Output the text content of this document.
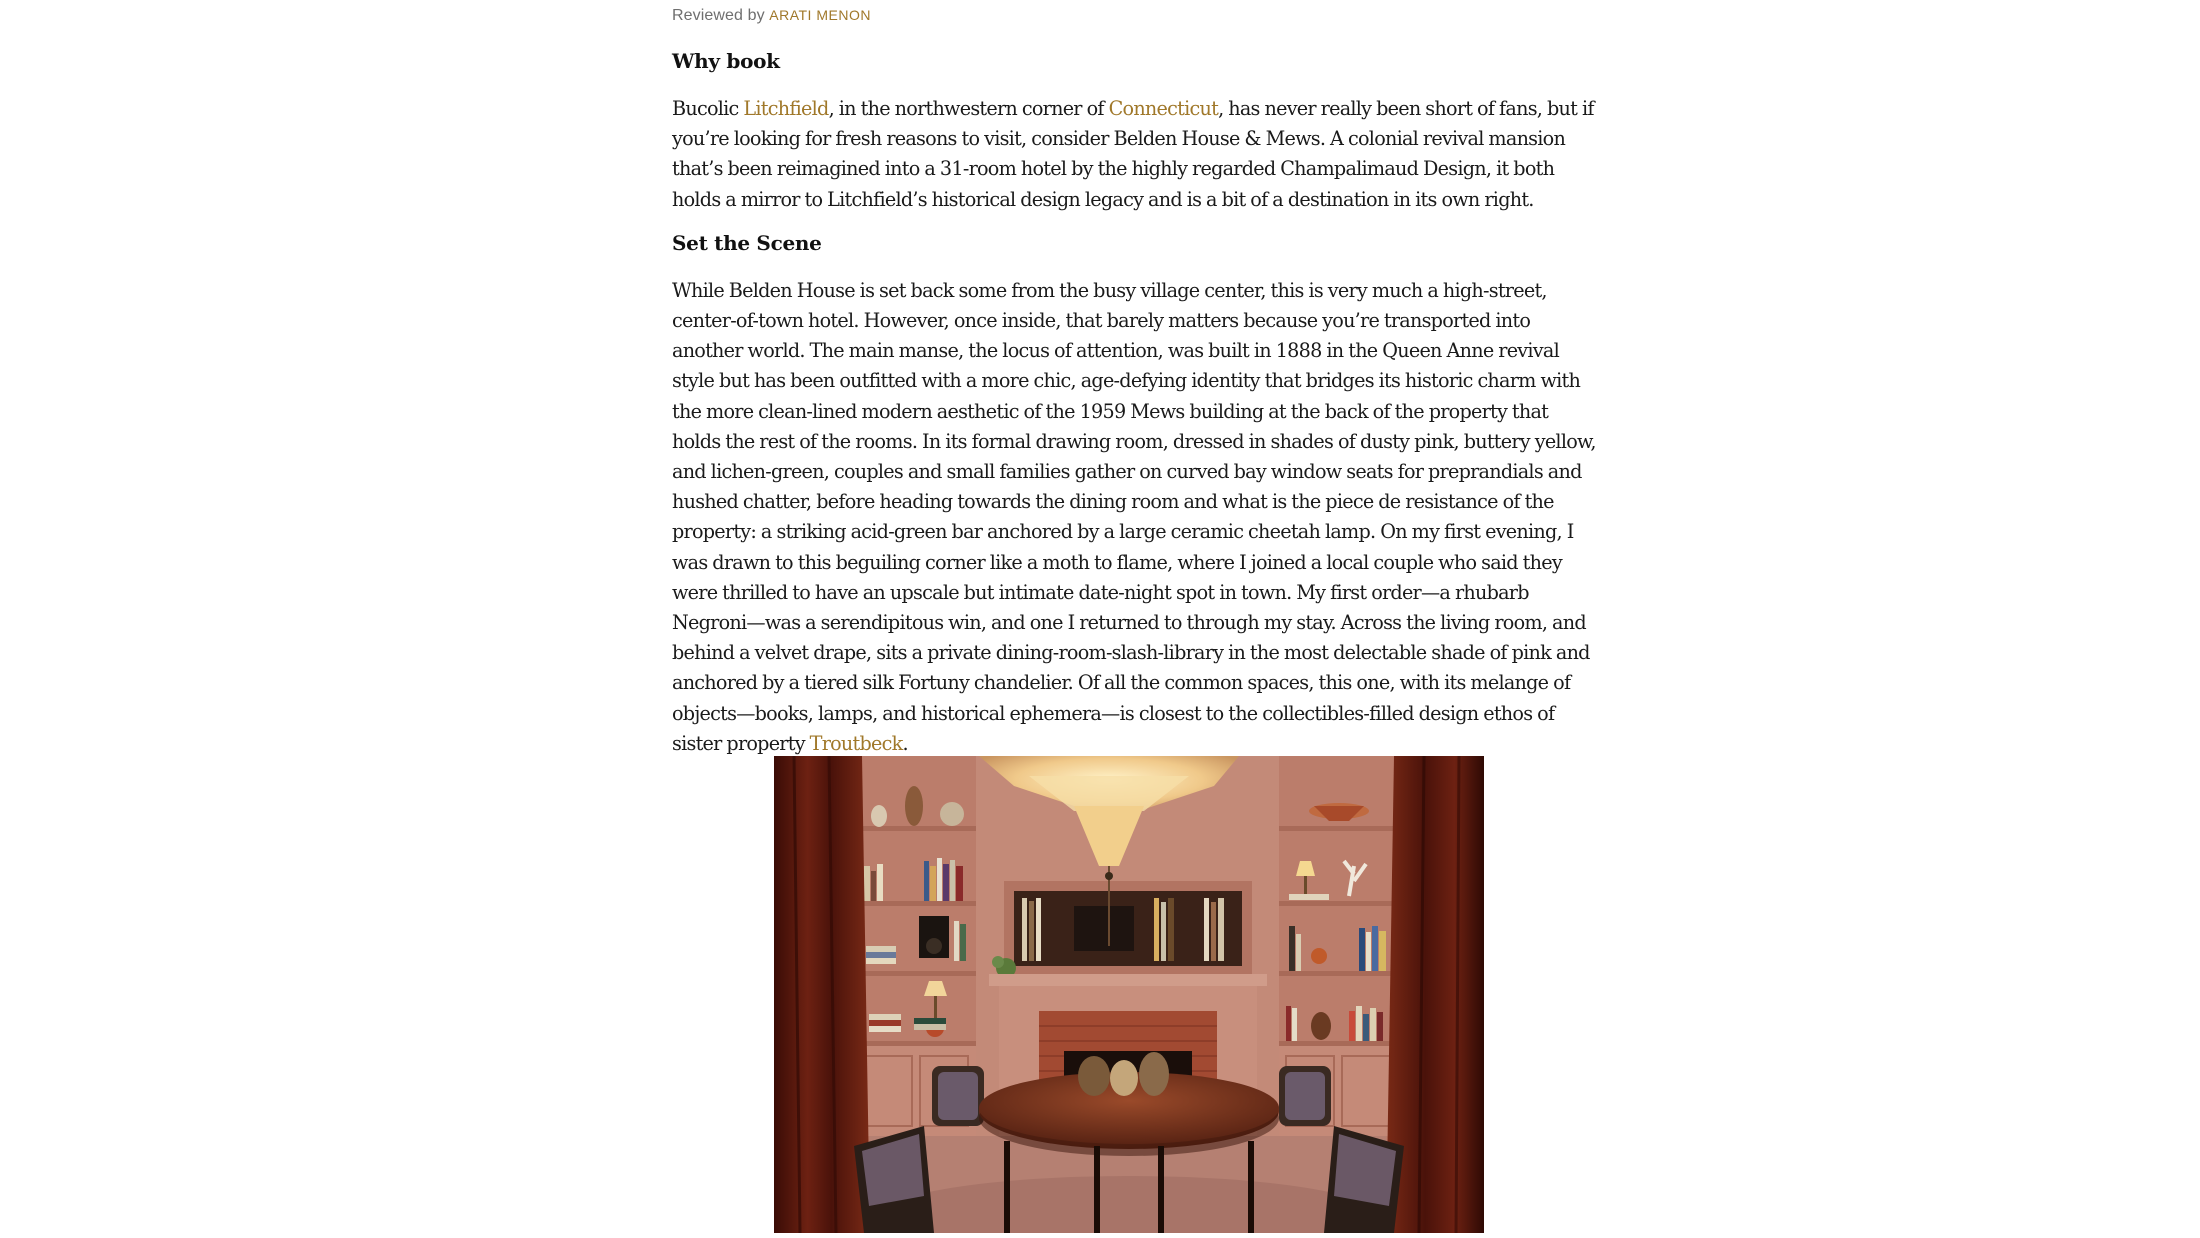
Reviewed by ARATI MENON
Why book

Bucolic Litchfield, in the northwestern corner of Connecticut, has never really been short of fans, but if you’re looking for fresh reasons to visit, consider Belden House & Mews. A colonial revival mansion that’s been reimagined into a 31-room hotel by the highly regarded Champalimaud Design, it both holds a mirror to Litchfield’s historical design legacy and is a bit of a destination in its own right.

Set the Scene

While Belden House is set back some from the busy village center, this is very much a high-street, center-of-town hotel. However, once inside, that barely matters because you’re transported into another world. The main manse, the locus of attention, was built in 1888 in the Queen Anne revival style but has been outfitted with a more chic, age-defying identity that bridges its historic charm with the more clean-lined modern aesthetic of the 1959 Mews building at the back of the property that holds the rest of the rooms. In its formal drawing room, dressed in shades of dusty pink, buttery yellow, and lichen-green, couples and small families gather on curved bay window seats for preprandials and hushed chatter, before heading towards the dining room and what is the piece de resistance of the property: a striking acid-green bar anchored by a large ceramic cheetah lamp. On my first evening, I was drawn to this beguiling corner like a moth to flame, where I joined a local couple who said they were thrilled to have an upscale but intimate date-night spot in town. My first order—a rhubarb Negroni—was a serendipitous win, and one I returned to through my stay. Across the living room, and behind a velvet drape, sits a private dining-room-slash-library in the most delectable shade of pink and anchored by a tiered silk Fortuny chandelier. Of all the common spaces, this one, with its melange of objects—books, lamps, and historical ephemera—is closest to the collectibles-filled design ethos of sister property Troutbeck.
